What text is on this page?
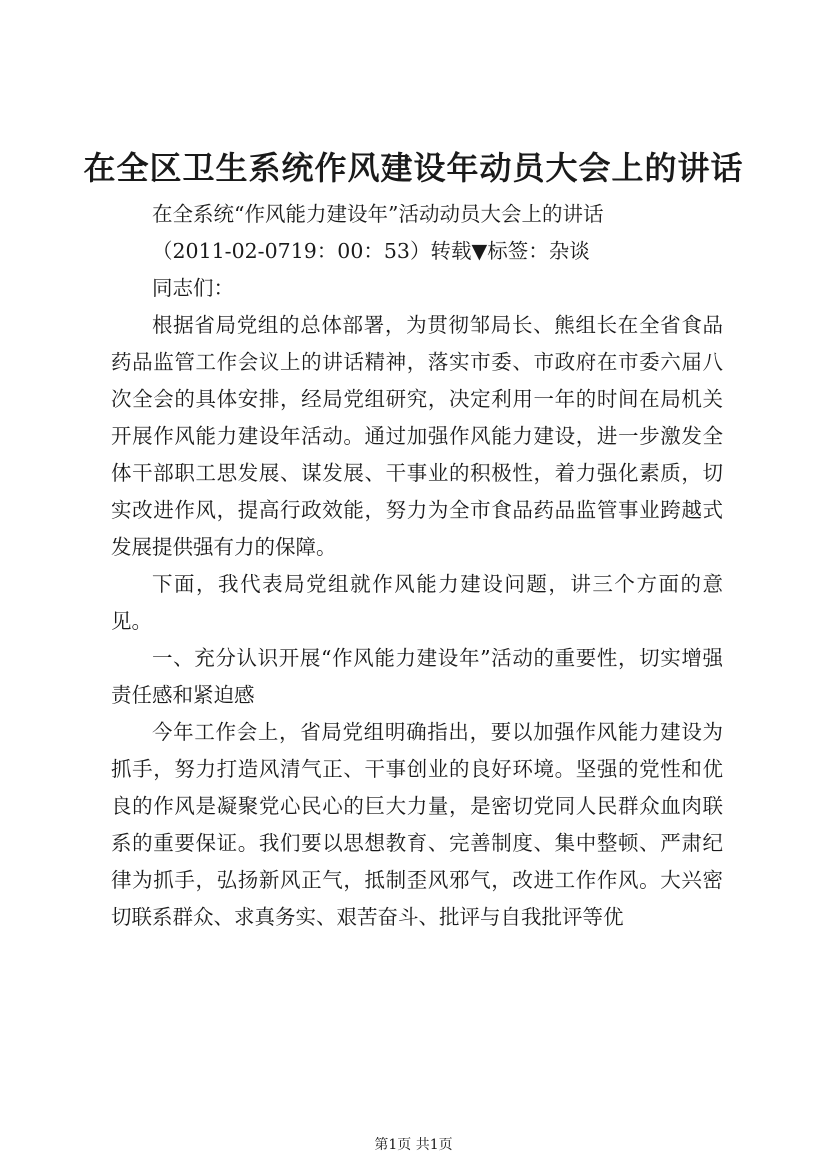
在全区卫生系统作风建设年动员大会上的讲话

在全系统“作风能力建设年”活动动员大会上的讲话

（2011-02-0719：00：53）转载▼标签：杂谈

同志们：

根据省局党组的总体部署，为贯彻邹局长、熊组长在全省食品药品监管工作会议上的讲话精神，落实市委、市政府在市委六届八次全会的具体安排，经局党组研究，决定利用一年的时间在局机关开展作风能力建设年活动。通过加强作风能力建设，进一步激发全体干部职工思发展、谋发展、干事业的积极性，着力强化素质，切实改进作风，提高行政效能，努力为全市食品药品监管事业跨越式发展提供强有力的保障。

下面，我代表局党组就作风能力建设问题，讲三个方面的意见。

一、充分认识开展“作风能力建设年”活动的重要性，切实增强责任感和紧迫感

今年工作会上，省局党组明确指出，要以加强作风能力建设为抓手，努力打造风清气正、干事创业的良好环境。坚强的党性和优良的作风是凝聚党心民心的巨大力量，是密切党同人民群众血肉联系的重要保证。我们要以思想教育、完善制度、集中整顿、严肃纪律为抓手，弘扬新风正气，抵制歪风邪气，改进工作作风。大兴密切联系群众、求真务实、艰苦奋斗、批评与自我批评等优

第1页 共1页
